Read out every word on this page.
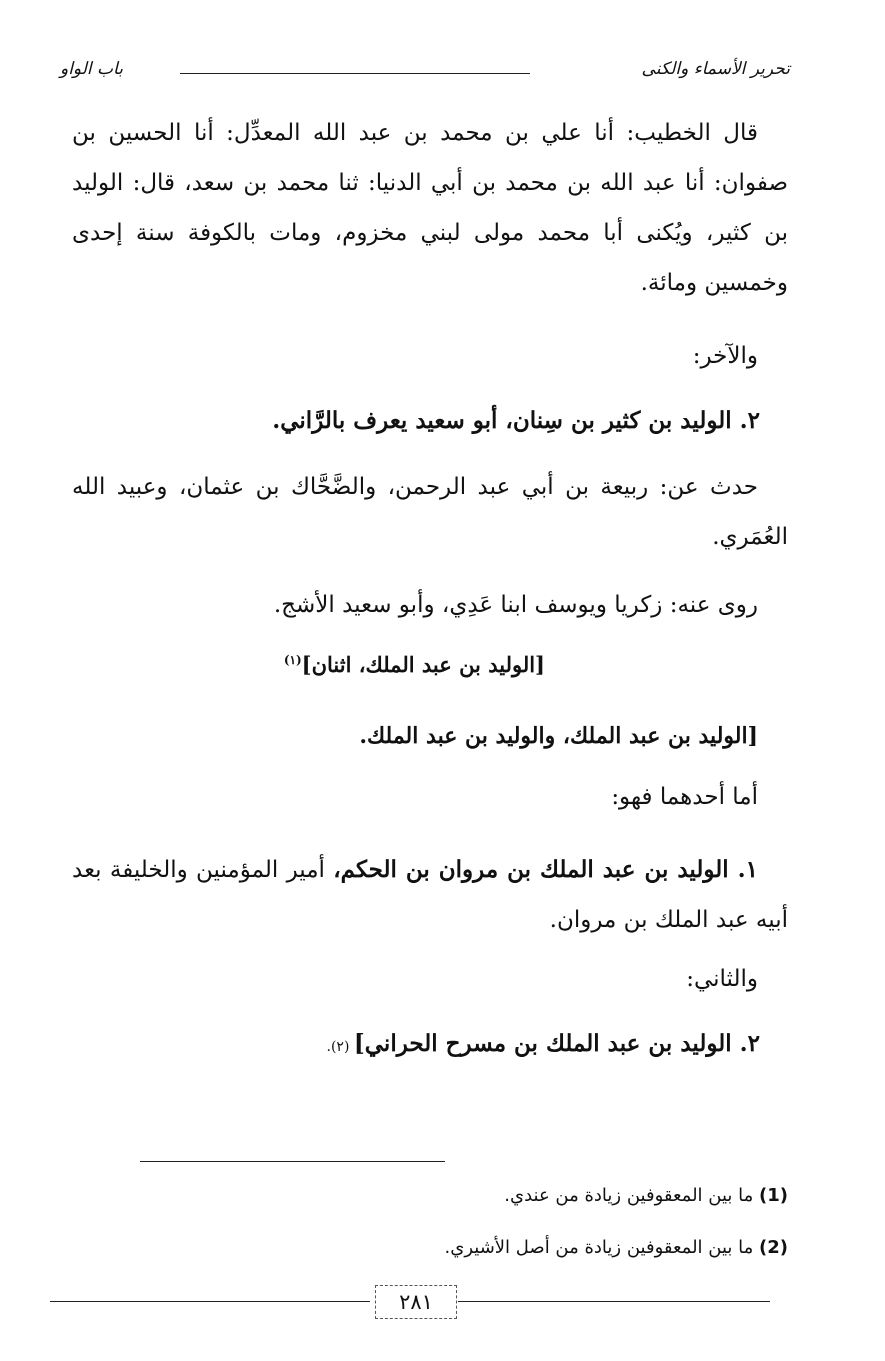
تحرير الأسماء والكنى
باب الواو
قال الخطيب: أنا علي بن محمد بن عبد الله المعدِّل: أنا الحسين بن صفوان: أنا عبد الله بن محمد بن أبي الدنيا: ثنا محمد بن سعد، قال: الوليد بن كثير، ويُكنى أبا محمد مولى لبني مخزوم، ومات بالكوفة سنة إحدى وخمسين ومائة.
والآخر:
٢. الوليد بن كثير بن سِنان، أبو سعيد يعرف بالرَّاني.
حدث عن: ربيعة بن أبي عبد الرحمن، والضَّحَّاك بن عثمان، وعبيد الله العُمَري.
روى عنه: زكريا ويوسف ابنا عَدِي، وأبو سعيد الأشج.
[الوليد بن عبد الملك، اثنان]$^{(١)}$
[الوليد بن عبد الملك، والوليد بن عبد الملك.
أما أحدهما فهو:
١. الوليد بن عبد الملك بن مروان بن الحكم، أمير المؤمنين والخليفة بعد أبيه عبد الملك بن مروان.
والثاني:
٢. الوليد بن عبد الملك بن مسرح الحراني] (٢).
(1) ما بين المعقوفين زيادة من عندي.
(2) ما بين المعقوفين زيادة من أصل الأشيري.
٢٨١
